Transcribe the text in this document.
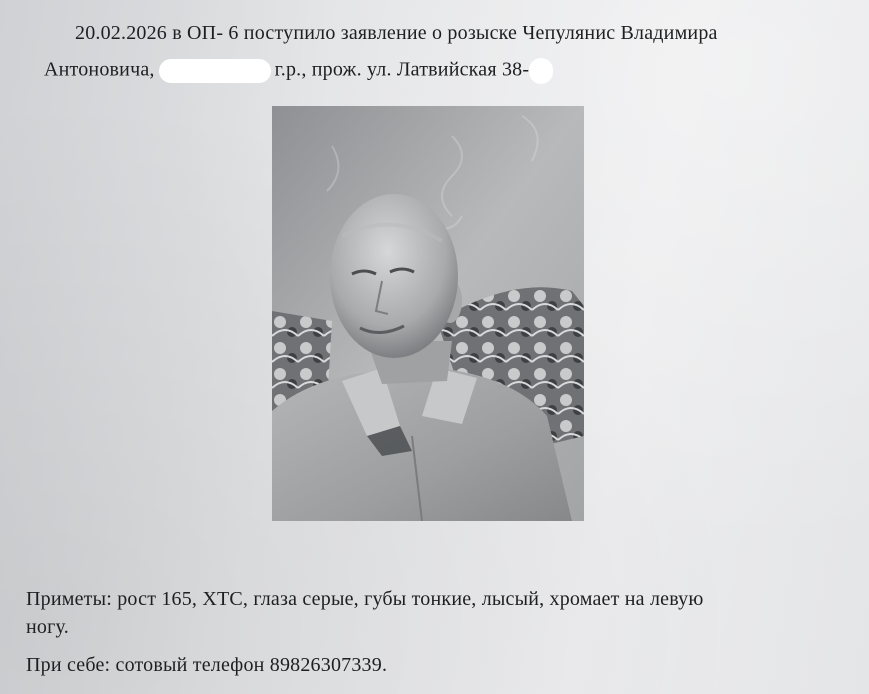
20.02.2026 в ОП- 6 поступило заявление о розыске Чепулянис Владимира
Антоновича,	г.р., прож. ул. Латвийская 38-
Приметы: рост 165, ХТС, глаза серые, губы тонкие, лысый, хромает на левую
ногу.
При себе: сотовый телефон 89826307339.
